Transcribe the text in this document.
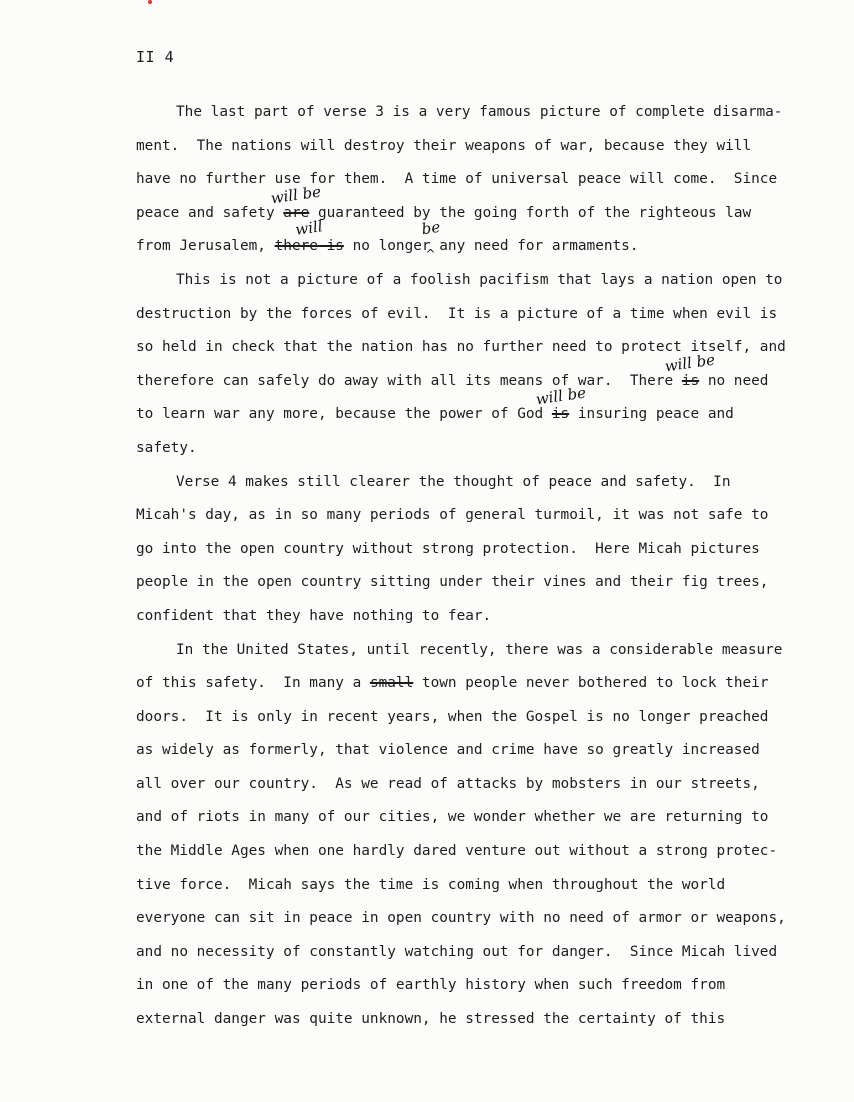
II 4
The last part of verse 3 is a very famous picture of complete disarma-
ment.  The nations will destroy their weapons of war, because they will
have no further use for them.  A time of universal peace will come.  Since
peace and safety are
will be
guaranteed by the going forth of the righteous law
from Jerusalem, there is
will
no longer
be
^
any need for armaments.
This is not a picture of a foolish pacifism that lays a nation open to
destruction by the forces of evil.  It is a picture of a time when evil is
so held in check that the nation has no further need to protect itself, and
therefore can safely do away with all its means of war.  There is
will be
no need
to learn war any more, because the power of God is
will be
insuring peace and
safety.
Verse 4 makes still clearer the thought of peace and safety.  In
Micah's day, as in so many periods of general turmoil, it was not safe to
go into the open country without strong protection.  Here Micah pictures
people in the open country sitting under their vines and their fig trees,
confident that they have nothing to fear.
In the United States, until recently, there was a considerable measure
of this safety.  In many a small town people never bothered to lock their
doors.  It is only in recent years, when the Gospel is no longer preached
as widely as formerly, that violence and crime have so greatly increased
all over our country.  As we read of attacks by mobsters in our streets,
and of riots in many of our cities, we wonder whether we are returning to
the Middle Ages when one hardly dared venture out without a strong protec-
tive force.  Micah says the time is coming when throughout the world
everyone can sit in peace in open country with no need of armor or weapons,
and no necessity of constantly watching out for danger.  Since Micah lived
in one of the many periods of earthly history when such freedom from
external danger was quite unknown, he stressed the certainty of this
